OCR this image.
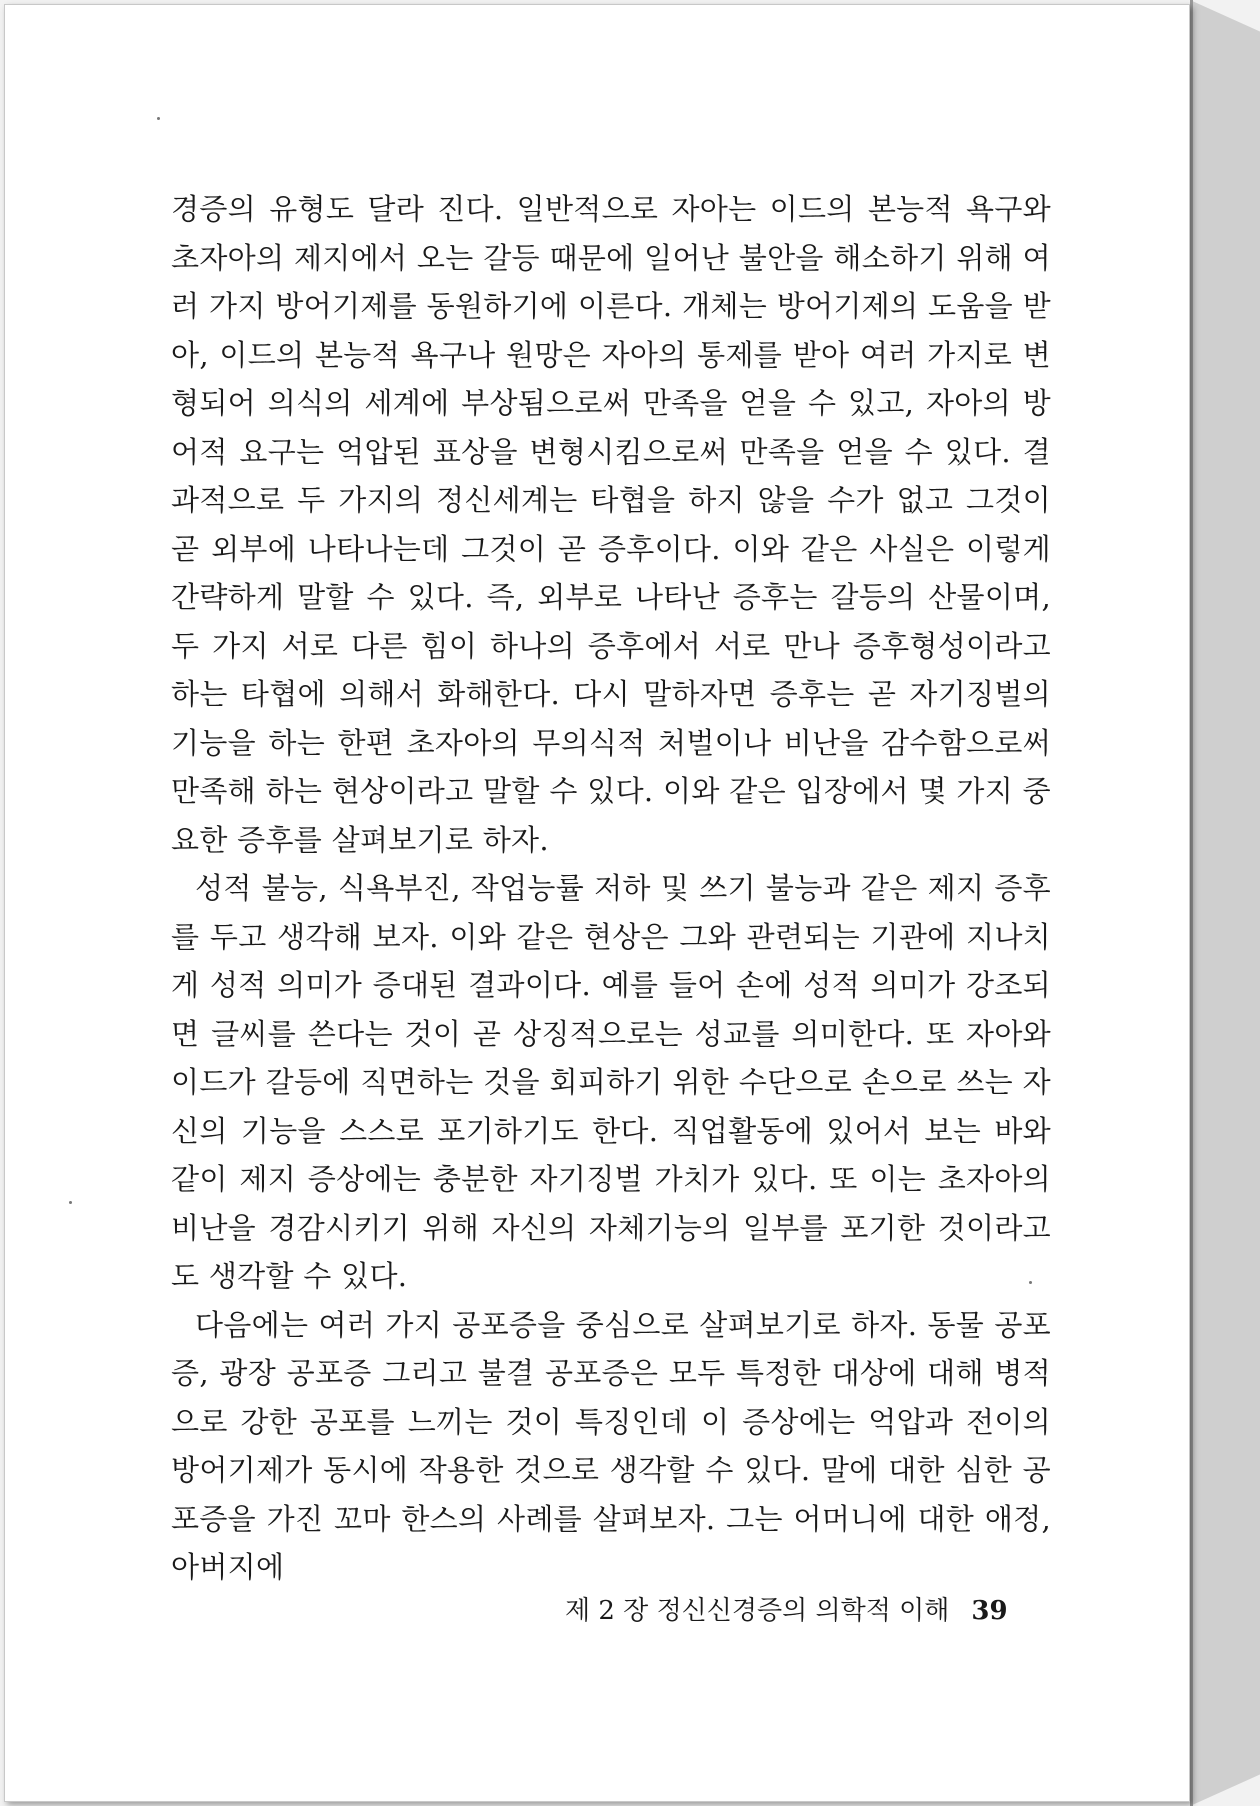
경증의 유형도 달라 진다. 일반적으로 자아는 이드의 본능적 욕구와 초자아의 제지에서 오는 갈등 때문에 일어난 불안을 해소하기 위해 여러 가지 방어기제를 동원하기에 이른다. 개체는 방어기제의 도움을 받아, 이드의 본능적 욕구나 원망은 자아의 통제를 받아 여러 가지로 변형되어 의식의 세계에 부상됨으로써 만족을 얻을 수 있고, 자아의 방어적 요구는 억압된 표상을 변형시킴으로써 만족을 얻을 수 있다. 결과적으로 두 가지의 정신세계는 타협을 하지 않을 수가 없고 그것이 곧 외부에 나타나는데 그것이 곧 증후이다. 이와 같은 사실은 이렇게 간략하게 말할 수 있다. 즉, 외부로 나타난 증후는 갈등의 산물이며, 두 가지 서로 다른 힘이 하나의 증후에서 서로 만나 증후형성이라고 하는 타협에 의해서 화해한다. 다시 말하자면 증후는 곧 자기징벌의 기능을 하는 한편 초자아의 무의식적 처벌이나 비난을 감수함으로써 만족해 하는 현상이라고 말할 수 있다. 이와 같은 입장에서 몇 가지 중요한 증후를 살펴보기로 하자.

성적 불능, 식욕부진, 작업능률 저하 및 쓰기 불능과 같은 제지 증후를 두고 생각해 보자. 이와 같은 현상은 그와 관련되는 기관에 지나치게 성적 의미가 증대된 결과이다. 예를 들어 손에 성적 의미가 강조되면 글씨를 쓴다는 것이 곧 상징적으로는 성교를 의미한다. 또 자아와 이드가 갈등에 직면하는 것을 회피하기 위한 수단으로 손으로 쓰는 자신의 기능을 스스로 포기하기도 한다. 직업활동에 있어서 보는 바와 같이 제지 증상에는 충분한 자기징벌 가치가 있다. 또 이는 초자아의 비난을 경감시키기 위해 자신의 자체기능의 일부를 포기한 것이라고도 생각할 수 있다.

다음에는 여러 가지 공포증을 중심으로 살펴보기로 하자. 동물 공포증, 광장 공포증 그리고 불결 공포증은 모두 특정한 대상에 대해 병적으로 강한 공포를 느끼는 것이 특징인데 이 증상에는 억압과 전이의 방어기제가 동시에 작용한 것으로 생각할 수 있다. 말에 대한 심한 공포증을 가진 꼬마 한스의 사례를 살펴보자. 그는 어머니에 대한 애정, 아버지에

제 2 장 정신신경증의 의학적 이해 39
